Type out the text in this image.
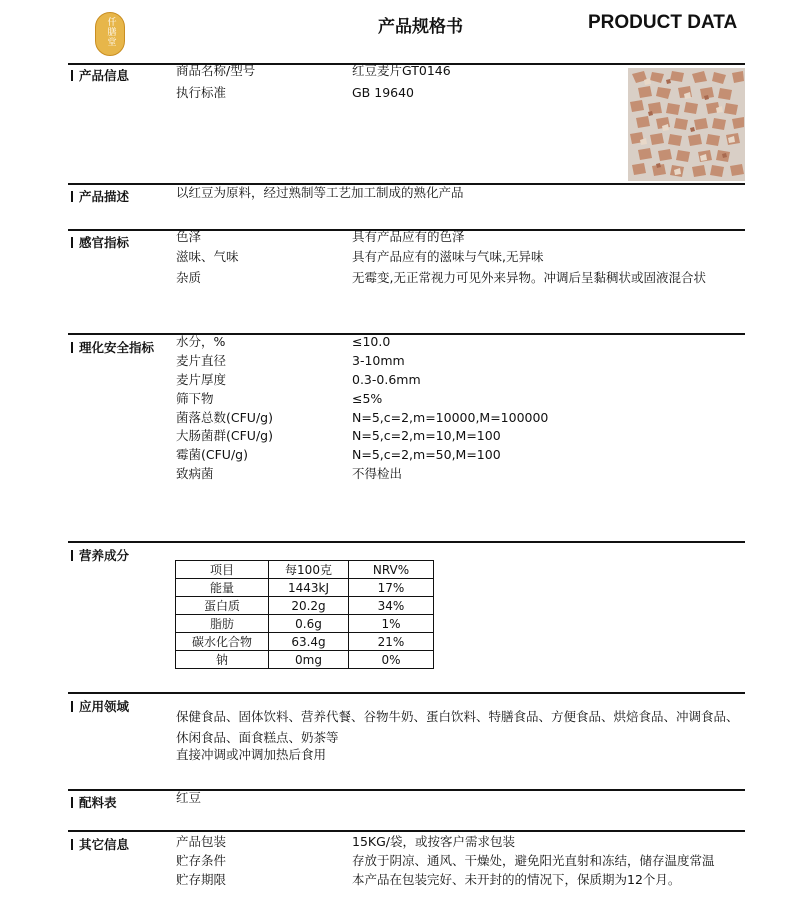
仟膳堂	产品规格书	PRODUCT DATA
产品信息	商品名称/型号	红豆麦片GT0146
执行标准	GB 19640
产品描述	以红豆为原料，经过熟制等工艺加工制成的熟化产品
感官指标	色泽	具有产品应有的色泽
滋味、气味	具有产品应有的滋味与气味,无异味
杂质	无霉变,无正常视力可见外来异物。冲调后呈黏稠状或固液混合状
理化安全指标 水分，%	≤10.0
麦片直径	3-10mm
麦片厚度	0.3-0.6mm
筛下物	≤5%
菌落总数(CFU/g)	N=5,c=2,m=10000,M=100000
大肠菌群(CFU/g)	N=5,c=2,m=10,M=100
霉菌(CFU/g)	N=5,c=2,m=50,M=100
致病菌	不得检出
营养成分
项目	每100克	NRV%
能量	1443kJ	17%
蛋白质	20.2g	34%
脂肪	0.6g	1%
碳水化合物	63.4g	21%
钠	0mg	0%
应用领域
保健食品、固体饮料、营养代餐、谷物牛奶、蛋白饮料、特膳食品、方便食品、烘焙食品、冲调食品、休闲食品、面食糕点、奶茶等
直接冲调或冲调加热后食用
配料表	红豆
其它信息	产品包装	15KG/袋，或按客户需求包装
贮存条件	存放于阴凉、通风、干燥处，避免阳光直射和冻结，储存温度常温
贮存期限	本产品在包装完好、未开封的的情况下，保质期为12个月。
